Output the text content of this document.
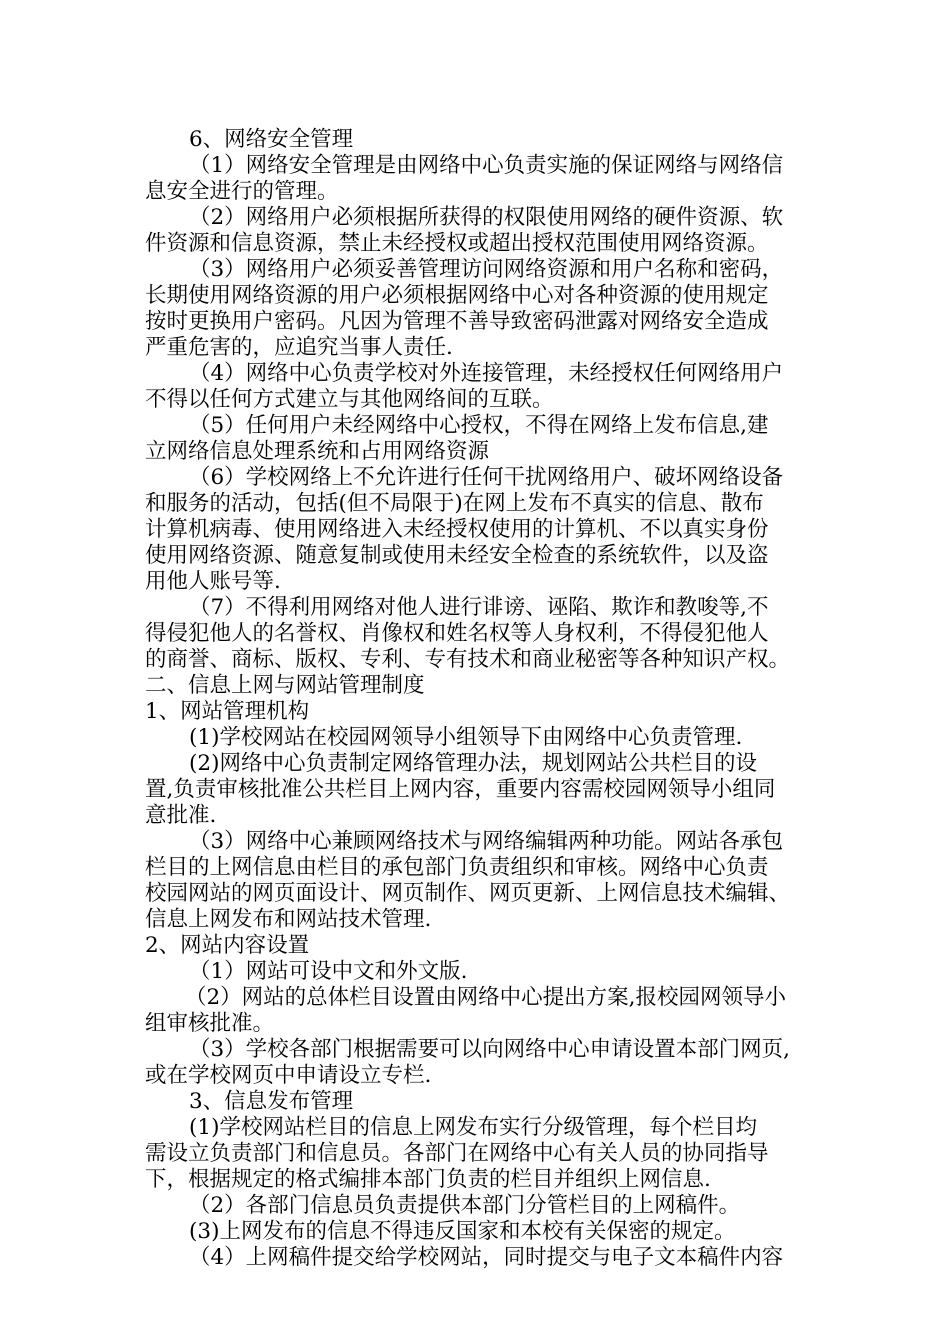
6、网络安全管理
（1）网络安全管理是由网络中心负责实施的保证网络与网络信
息安全进行的管理。
（2）网络用户必须根据所获得的权限使用网络的硬件资源、软
件资源和信息资源，禁止未经授权或超出授权范围使用网络资源。
（3）网络用户必须妥善管理访问网络资源和用户名称和密码，
长期使用网络资源的用户必须根据网络中心对各种资源的使用规定
按时更换用户密码。凡因为管理不善导致密码泄露对网络安全造成
严重危害的，应追究当事人责任.
（4）网络中心负责学校对外连接管理，未经授权任何网络用户
不得以任何方式建立与其他网络间的互联。
（5）任何用户未经网络中心授权，不得在网络上发布信息,建
立网络信息处理系统和占用网络资源
（6）学校网络上不允许进行任何干扰网络用户、破坏网络设备
和服务的活动，包括(但不局限于)在网上发布不真实的信息、散布
计算机病毒、使用网络进入未经授权使用的计算机、不以真实身份
使用网络资源、随意复制或使用未经安全检查的系统软件，以及盗
用他人账号等.
（7）不得利用网络对他人进行诽谤、诬陷、欺诈和教唆等,不
得侵犯他人的名誉权、肖像权和姓名权等人身权利，不得侵犯他人
的商誉、商标、版权、专利、专有技术和商业秘密等各种知识产权。
二、信息上网与网站管理制度
1、网站管理机构
(1)学校网站在校园网领导小组领导下由网络中心负责管理.
(2)网络中心负责制定网络管理办法，规划网站公共栏目的设
置,负责审核批准公共栏目上网内容，重要内容需校园网领导小组同
意批准.
（3）网络中心兼顾网络技术与网络编辑两种功能。网站各承包
栏目的上网信息由栏目的承包部门负责组织和审核。网络中心负责
校园网站的网页面设计、网页制作、网页更新、上网信息技术编辑、
信息上网发布和网站技术管理.
2、网站内容设置
（1）网站可设中文和外文版.
（2）网站的总体栏目设置由网络中心提出方案,报校园网领导小
组审核批准。
（3）学校各部门根据需要可以向网络中心申请设置本部门网页,
或在学校网页中申请设立专栏.
3、信息发布管理
(1)学校网站栏目的信息上网发布实行分级管理，每个栏目均
需设立负责部门和信息员。各部门在网络中心有关人员的协同指导
下，根据规定的格式编排本部门负责的栏目并组织上网信息.
（2）各部门信息员负责提供本部门分管栏目的上网稿件。
(3)上网发布的信息不得违反国家和本校有关保密的规定。
（4）上网稿件提交给学校网站，同时提交与电子文本稿件内容
